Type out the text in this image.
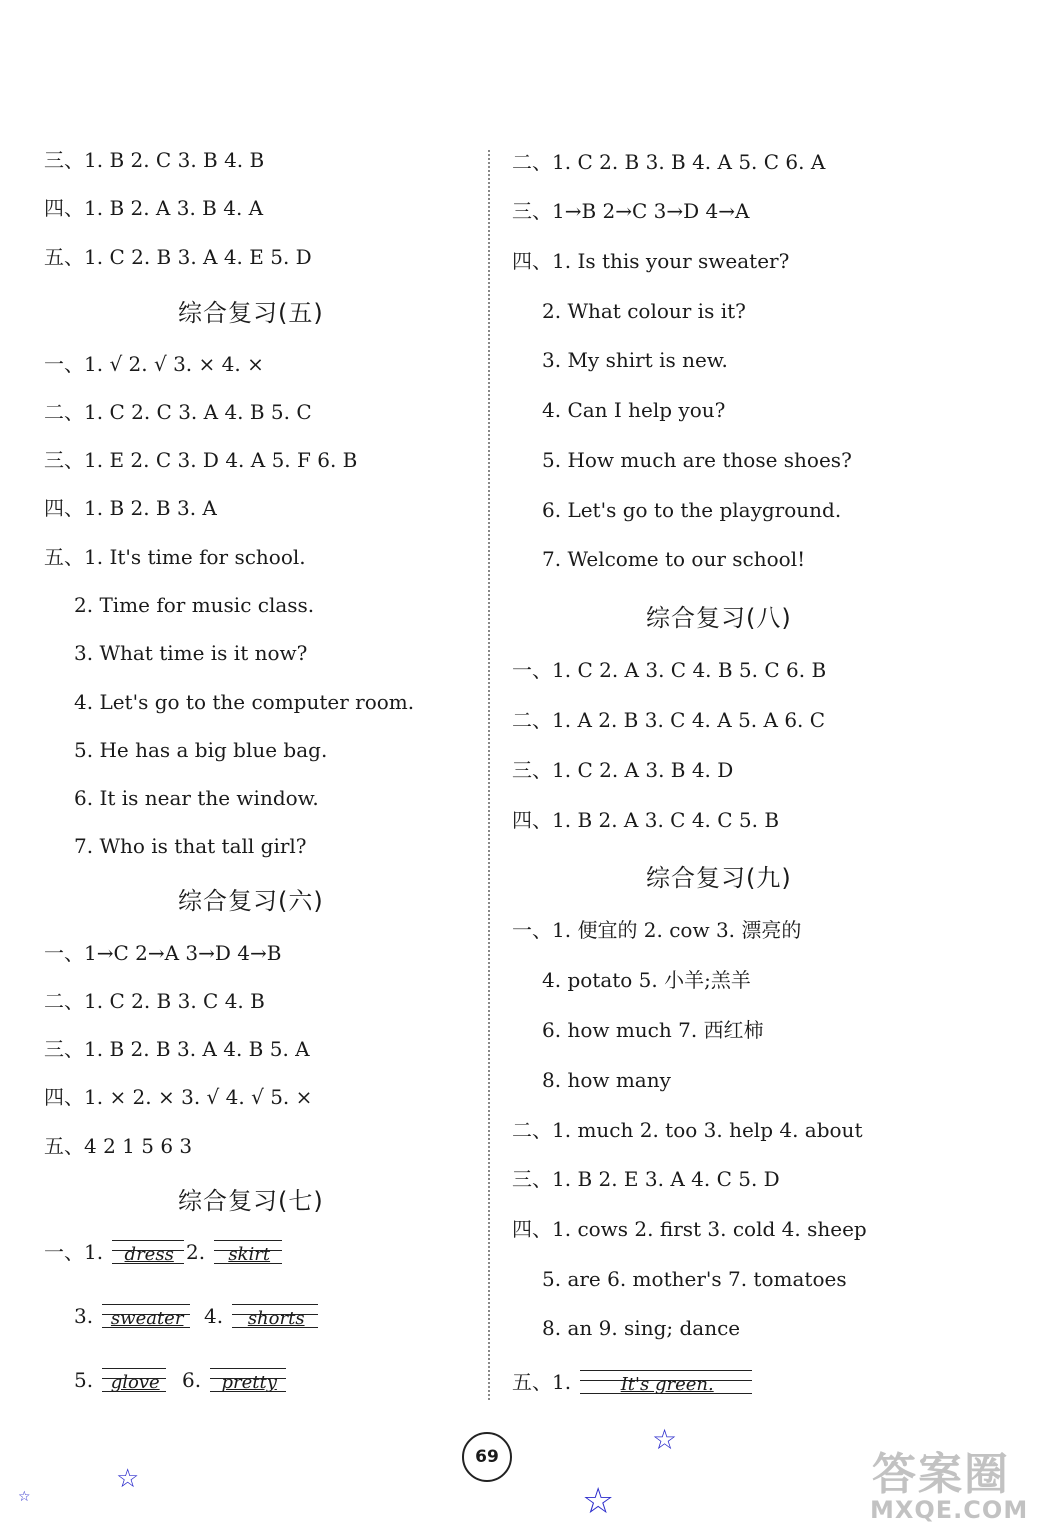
三、1. B 2. C 3. B 4. B
四、1. B 2. A 3. B 4. A
五、1. C 2. B 3. A 4. E 5. D
综合复习(五)
一、1. √ 2. √ 3. × 4. ×
二、1. C 2. C 3. A 4. B 5. C
三、1. E 2. C 3. D 4. A 5. F 6. B
四、1. B 2. B 3. A
五、1. It's time for school.
2. Time for music class.
3. What time is it now?
4. Let's go to the computer room.
5. He has a big blue bag.
6. It is near the window.
7. Who is that tall girl?
综合复习(六)
一、1→C 2→A 3→D 4→B
二、1. C 2. B 3. C 4. B
三、1. B 2. B 3. A 4. B 5. A
四、1. × 2. × 3. √ 4. √ 5. ×
五、4 2 1 5 6 3
综合复习(七)
一、1.	dress 2.	skirt
3. sweater 4.	shorts
5. glove 6. pretty
二、1. C 2. B 3. B 4. A 5. C 6. A
三、1→B 2→C 3→D 4→A
四、1. Is this your sweater?
2. What colour is it?
3. My shirt is new.
4. Can I help you?
5. How much are those shoes?
6. Let's go to the playground.
7. Welcome to our school!
综合复习(八)
一、1. C 2. A 3. C 4. B 5. C 6. B
二、1. A 2. B 3. C 4. A 5. A 6. C
三、1. C 2. A 3. B 4. D
四、1. B 2. A 3. C 4. C 5. B
综合复习(九)
一、1. 便宜的 2. cow 3. 漂亮的
4. potato 5. 小羊;羔羊
6. how much 7. 西红柿
8. how many
二、1. much 2. too 3. help 4. about
三、1. B 2. E 3. A 4. C 5. D
四、1. cows 2. first 3. cold 4. sheep
5. are 6. mother's 7. tomatoes
8. an 9. sing; dance
五、1.	It's green.
69
☆
☆
☆
☆
答案圈
MXQE.COM
